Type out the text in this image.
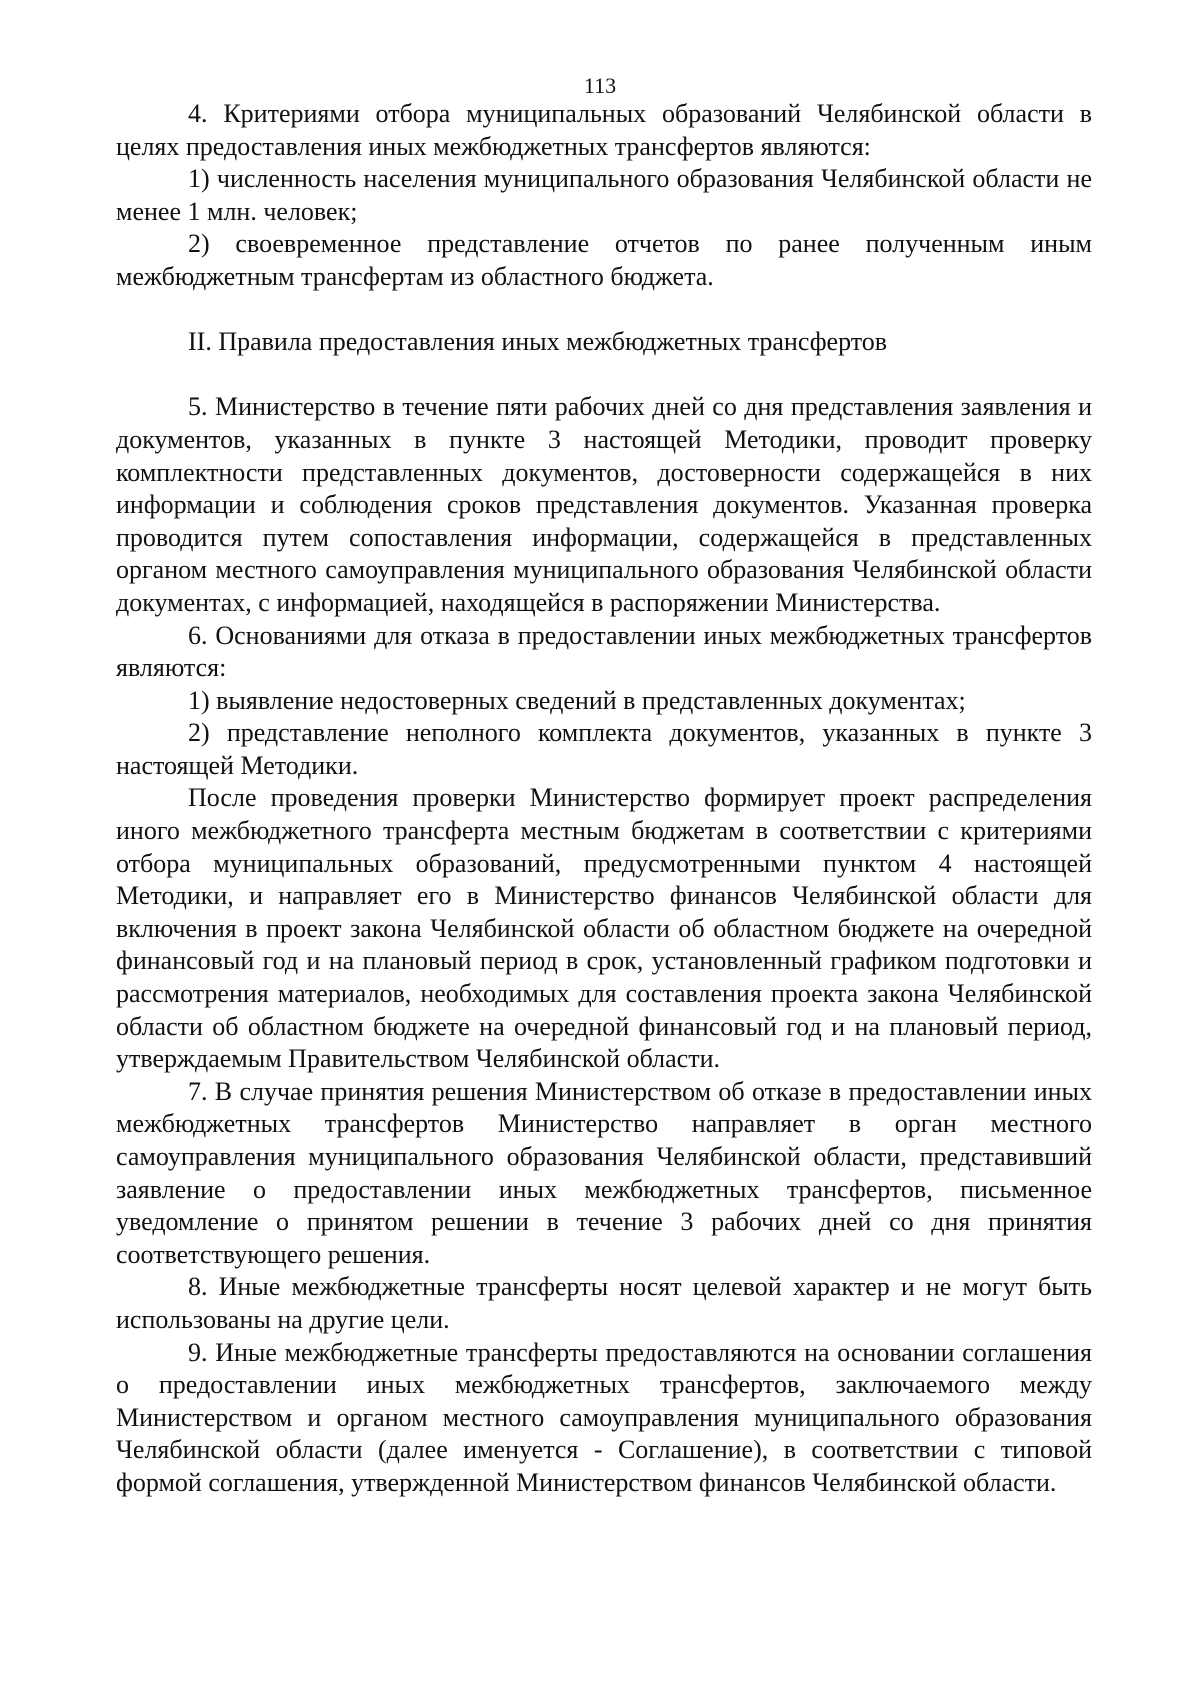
113

4. Критериями отбора муниципальных образований Челябинской области в целях предоставления иных межбюджетных трансфертов являются:

1) численность населения муниципального образования Челябинской области не менее 1 млн. человек;

2) своевременное представление отчетов по ранее полученным иным межбюджетным трансфертам из областного бюджета.

II. Правила предоставления иных межбюджетных трансфертов

5. Министерство в течение пяти рабочих дней со дня представления заявления и документов, указанных в пункте 3 настоящей Методики, проводит проверку комплектности представленных документов, достоверности содержащейся в них информации и соблюдения сроков представления документов. Указанная проверка проводится путем сопоставления информации, содержащейся в представленных органом местного самоуправления муниципального образования Челябинской области документах, с информацией, находящейся в распоряжении Министерства.

6. Основаниями для отказа в предоставлении иных межбюджетных трансфертов являются:

1) выявление недостоверных сведений в представленных документах;

2) представление неполного комплекта документов, указанных в пункте 3 настоящей Методики.

После проведения проверки Министерство формирует проект распределения иного межбюджетного трансферта местным бюджетам в соответствии с критериями отбора муниципальных образований, предусмотренными пунктом 4 настоящей Методики, и направляет его в Министерство финансов Челябинской области для включения в проект закона Челябинской области об областном бюджете на очередной финансовый год и на плановый период в срок, установленный графиком подготовки и рассмотрения материалов, необходимых для составления проекта закона Челябинской области об областном бюджете на очередной финансовый год и на плановый период, утверждаемым Правительством Челябинской области.

7. В случае принятия решения Министерством об отказе в предоставлении иных межбюджетных трансфертов Министерство направляет в орган местного самоуправления муниципального образования Челябинской области, представивший заявление о предоставлении иных межбюджетных трансфертов, письменное уведомление о принятом решении в течение 3 рабочих дней со дня принятия соответствующего решения.

8. Иные межбюджетные трансферты носят целевой характер и не могут быть использованы на другие цели.

9. Иные межбюджетные трансферты предоставляются на основании соглашения о предоставлении иных межбюджетных трансфертов, заключаемого между Министерством и органом местного самоуправления муниципального образования Челябинской области (далее именуется - Соглашение), в соответствии с типовой формой соглашения, утвержденной Министерством финансов Челябинской области.
